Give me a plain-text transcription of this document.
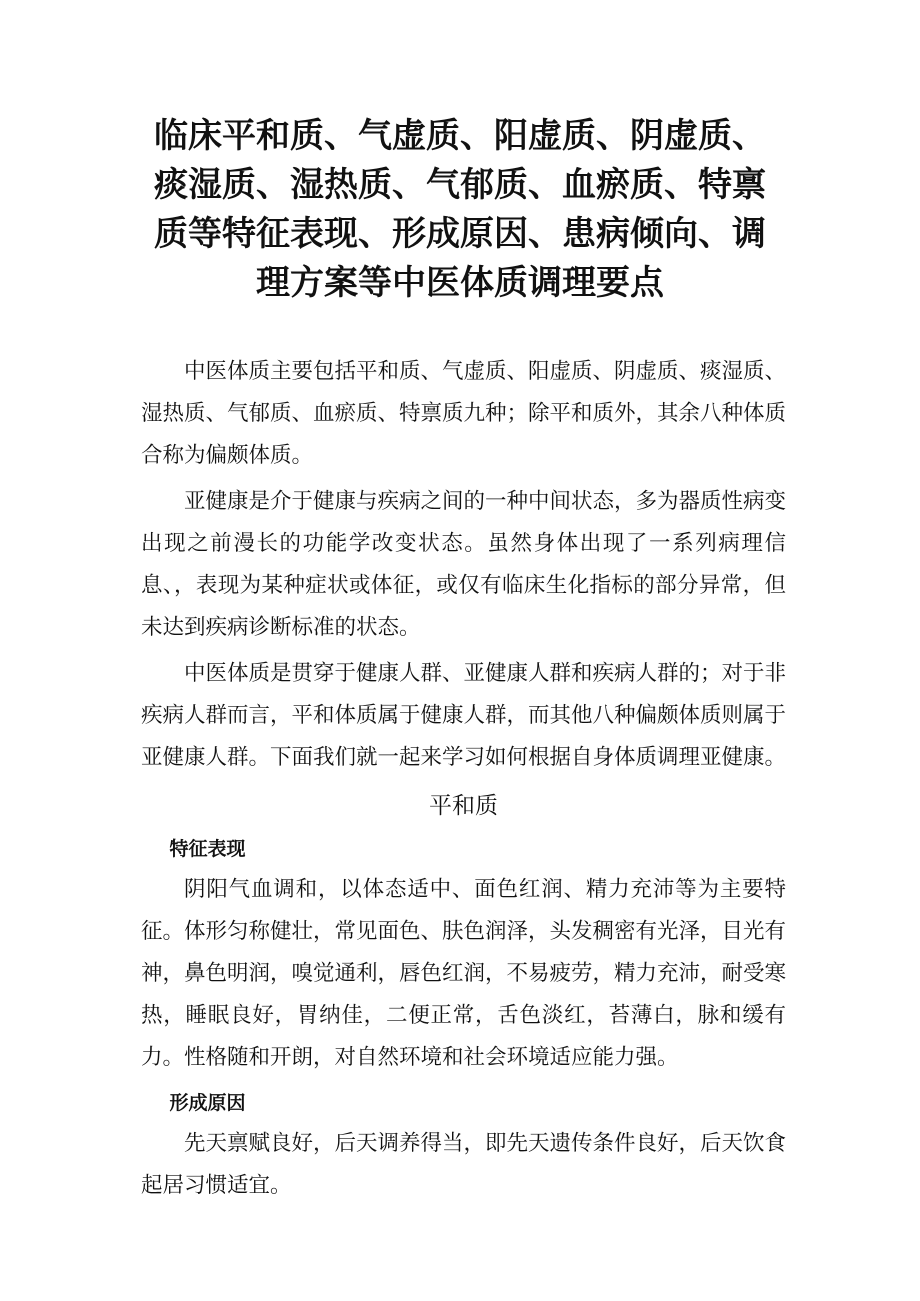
临床平和质、气虚质、阳虚质、阴虚质、痰湿质、湿热质、气郁质、血瘀质、特禀质等特征表现、形成原因、患病倾向、调理方案等中医体质调理要点

中医体质主要包括平和质、气虚质、阳虚质、阴虚质、痰湿质、湿热质、气郁质、血瘀质、特禀质九种；除平和质外，其余八种体质合称为偏颇体质。

亚健康是介于健康与疾病之间的一种中间状态，多为器质性病变出现之前漫长的功能学改变状态。虽然身体出现了一系列病理信息、，表现为某种症状或体征，或仅有临床生化指标的部分异常，但未达到疾病诊断标准的状态。

中医体质是贯穿于健康人群、亚健康人群和疾病人群的；对于非疾病人群而言，平和体质属于健康人群，而其他八种偏颇体质则属于亚健康人群。下面我们就一起来学习如何根据自身体质调理亚健康。

平和质
特征表现

阴阳气血调和，以体态适中、面色红润、精力充沛等为主要特征。体形匀称健壮，常见面色、肤色润泽，头发稠密有光泽，目光有神，鼻色明润，嗅觉通利，唇色红润，不易疲劳，精力充沛，耐受寒热，睡眠良好，胃纳佳，二便正常，舌色淡红，苔薄白，脉和缓有力。性格随和开朗，对自然环境和社会环境适应能力强。

形成原因

先天禀赋良好，后天调养得当，即先天遗传条件良好，后天饮食起居习惯适宜。
